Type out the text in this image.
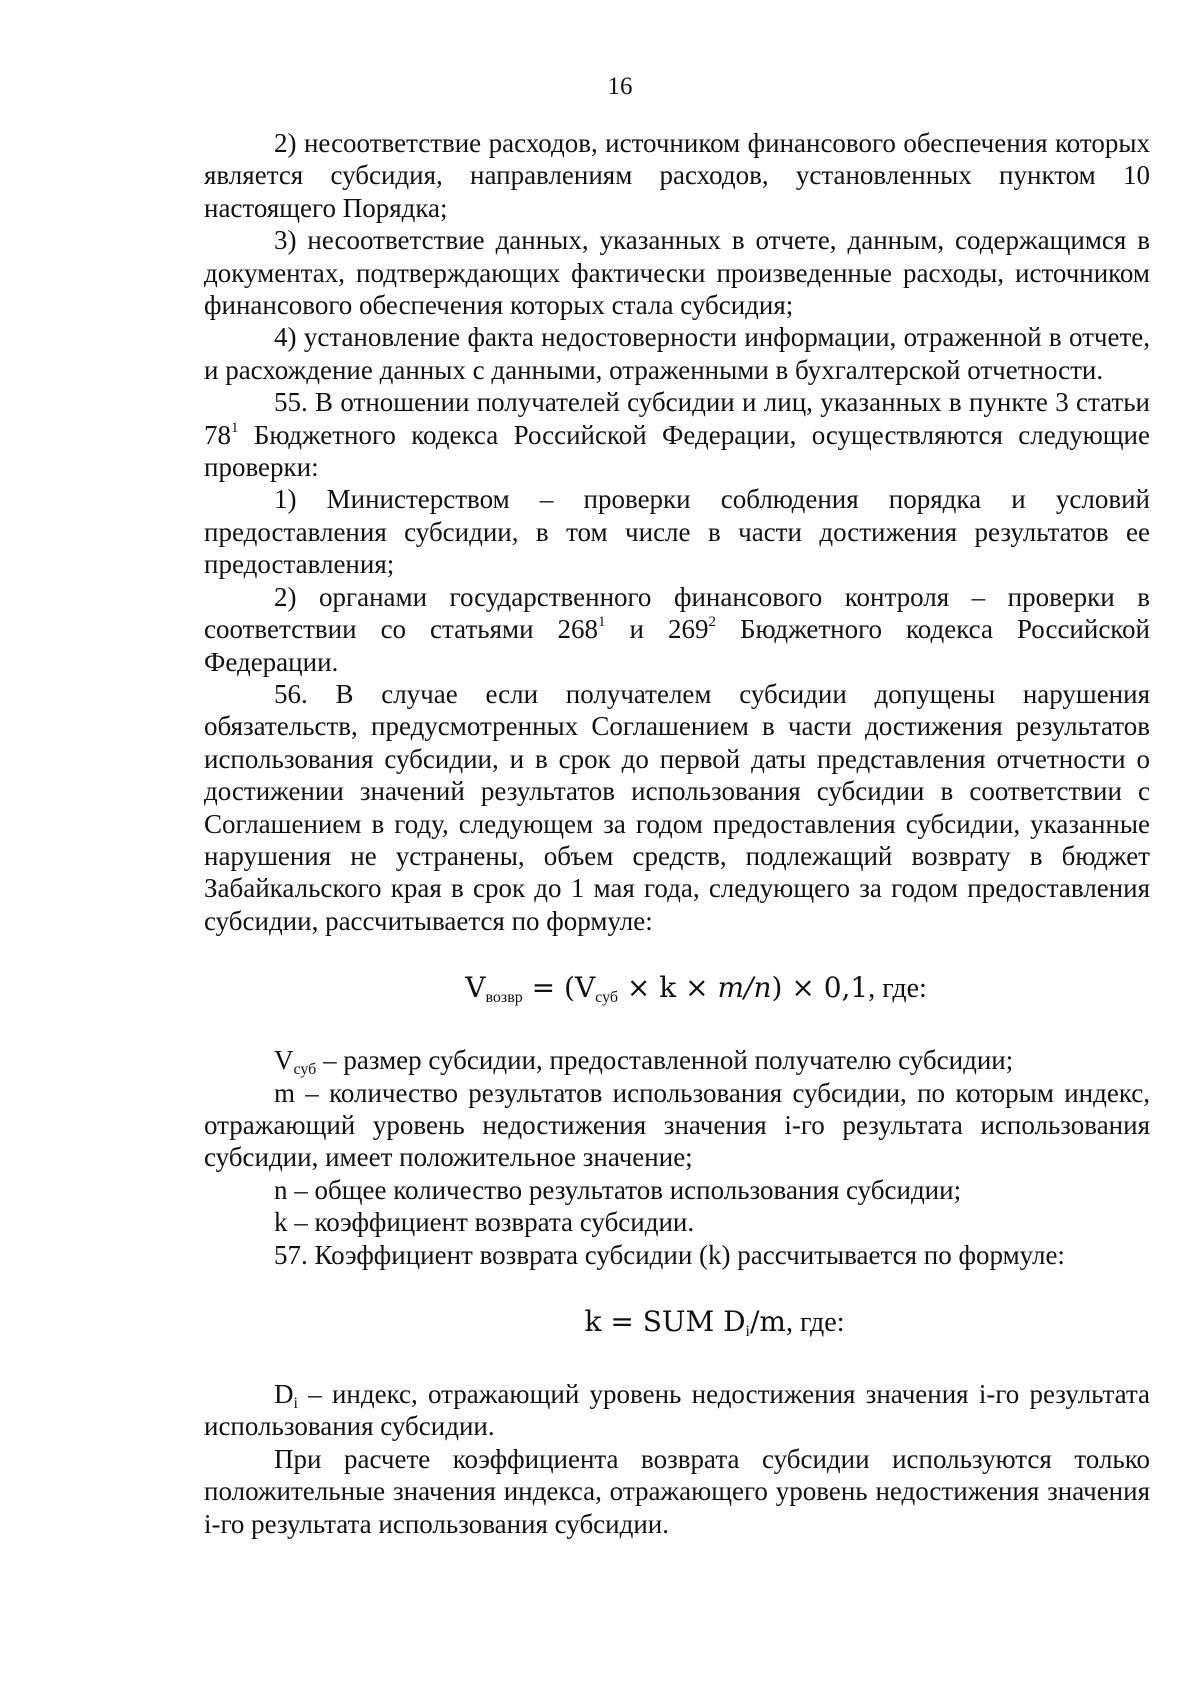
16

2) несоответствие расходов, источником финансового обеспечения которых является субсидия, направлениям расходов, установленных пунктом 10 настоящего Порядка;

3) несоответствие данных, указанных в отчете, данным, содержащимся в документах, подтверждающих фактически произведенные расходы, источником финансового обеспечения которых стала субсидия;

4) установление факта недостоверности информации, отраженной в отчете, и расхождение данных с данными, отраженными в бухгалтерской отчетности.

55. В отношении получателей субсидии и лиц, указанных в пункте 3 статьи $78^1$ Бюджетного кодекса Российской Федерации, осуществляются следующие проверки:

1) Министерством – проверки соблюдения порядка и условий предоставления субсидии, в том числе в части достижения результатов ее предоставления;

2) органами государственного финансового контроля – проверки в соответствии со статьями $268^1$ и $269^2$ Бюджетного кодекса Российской Федерации.

56. В случае если получателем субсидии допущены нарушения обязательств, предусмотренных Соглашением в части достижения результатов использования субсидии, и в срок до первой даты представления отчетности о достижении значений результатов использования субсидии в соответствии с Соглашением в году, следующем за годом предоставления субсидии, указанные нарушения не устранены, объем средств, подлежащий возврату в бюджет Забайкальского края в срок до 1 мая года, следующего за годом предоставления субсидии, рассчитывается по формуле:

$V_{возвр} = (V_{суб} \times k \times m/n) \times 0,1$, где:

$V_{суб}$ – размер субсидии, предоставленной получателю субсидии;

m – количество результатов использования субсидии, по которым индекс, отражающий уровень недостижения значения i-го результата использования субсидии, имеет положительное значение;

n – общее количество результатов использования субсидии;

k – коэффициент возврата субсидии.

57. Коэффициент возврата субсидии (k) рассчитывается по формуле:

k = SUM $D_i/m$, где:

$D_i$ – индекс, отражающий уровень недостижения значения i-го результата использования субсидии.

При расчете коэффициента возврата субсидии используются только положительные значения индекса, отражающего уровень недостижения значения i-го результата использования субсидии.
